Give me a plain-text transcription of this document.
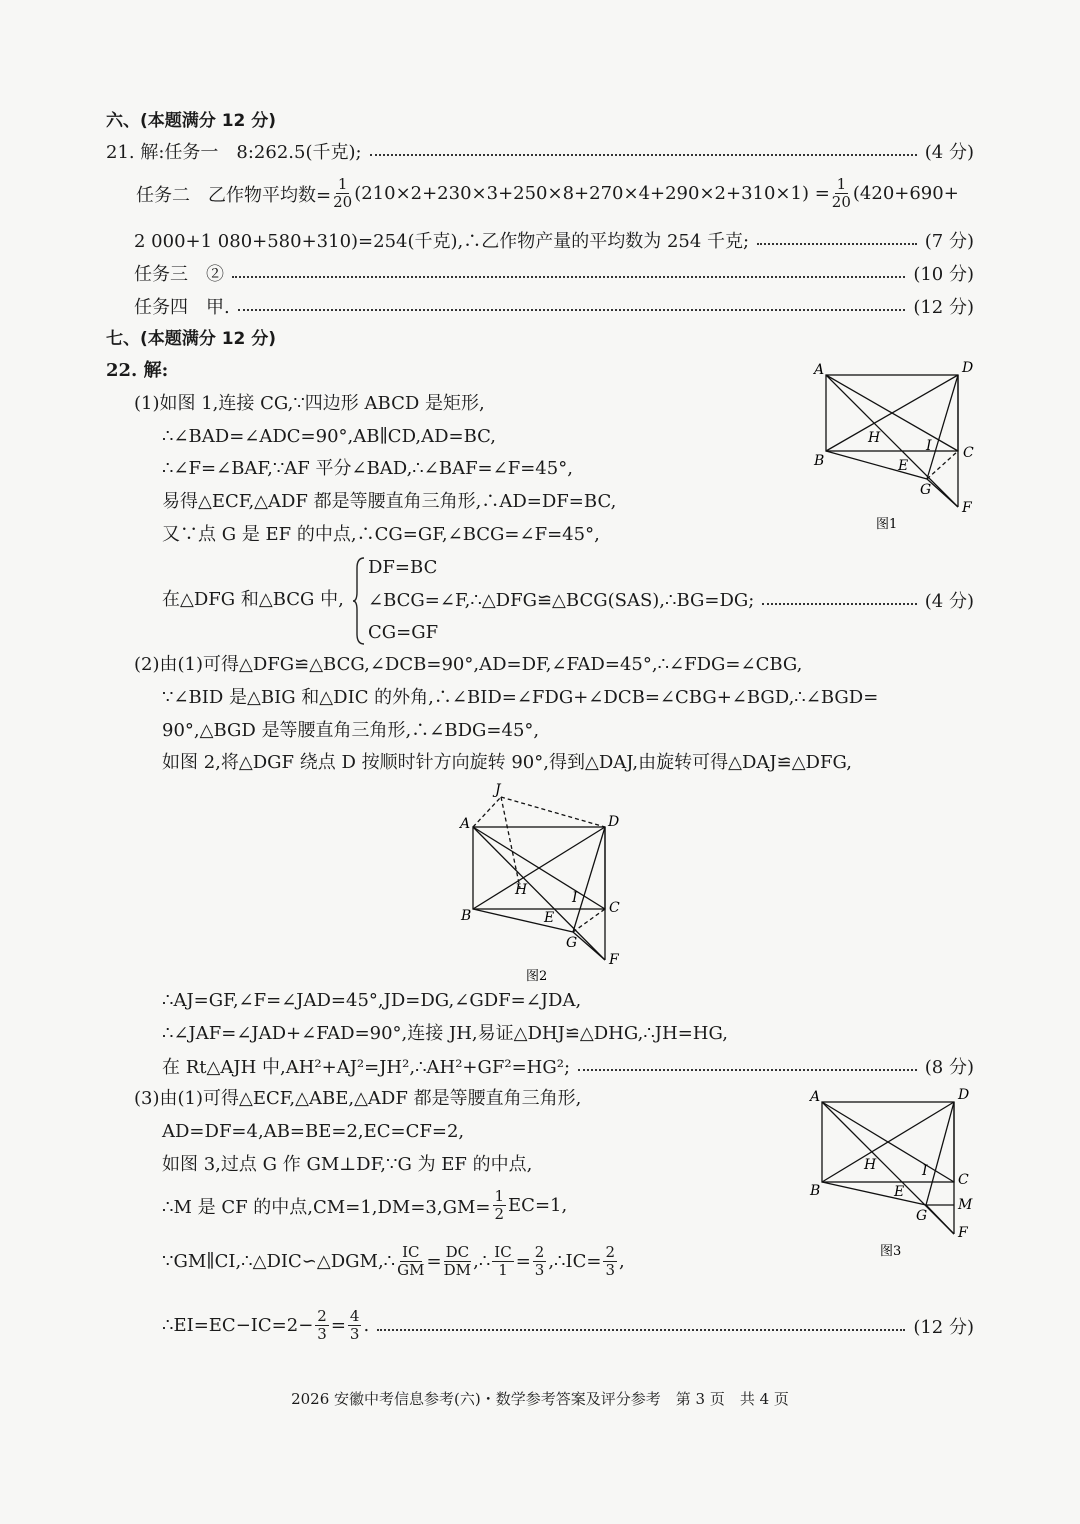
六、(本题满分 12 分)
21. 解:任务一　8:262.5(千克);	(4 分)
任务二　乙作物平均数= $\frac{1}{20} (210\times 2+230\times 3+250\times 8+270\times 4+290\times 2+310\times 1) = \frac{1}{20} (420+690+$
2 000+1 080+580+310)=254(千克),∴乙作物产量的平均数为 254 千克;	(7 分)
任务三　②	(10 分)
任务四　甲.	(12 分)
七、(本题满分 12 分)
22. 解:
(1)如图 1,连接 CG,∵四边形 ABCD 是矩形,
∴∠BAD=∠ADC=90°,AB∥CD,AD=BC,
∴∠F=∠BAF,∵AF 平分∠BAD,∴∠BAF=∠F=45°,
易得△ECF,△ADF 都是等腰直角三角形,∴AD=DF=BC,
又∵点 G 是 EF 的中点,∴CG=GF,∠BCG=∠F=45°,
在△DFG 和△BCG 中,
DF=BC
∠BCG=∠F,∴△DFG≌△BCG(SAS),∴BG=DG;	(4 分)
CG=GF
(2)由(1)可得△DFG≌△BCG,∠DCB=90°,AD=DF,∠FAD=45°,∴∠FDG=∠CBG,
∵∠BID 是△BIG 和△DIC 的外角,∴∠BID=∠FDG+∠DCB=∠CBG+∠BGD,∴∠BGD=
90°,△BGD 是等腰直角三角形,∴∠BDG=45°,
如图 2,将△DGF 绕点 D 按顺时针方向旋转 90°,得到△DAJ,由旋转可得△DAJ≌△DFG,
∴AJ=GF,∠F=∠JAD=45°,JD=DG,∠GDF=∠JDA,
∴∠JAF=∠JAD+∠FAD=90°,连接 JH,易证△DHJ≌△DHG,∴JH=HG,
在 Rt△AJH 中,AH²+AJ²=JH²,∴AH²+GF²=HG²;	(8 分)
(3)由(1)可得△ECF,△ABE,△ADF 都是等腰直角三角形,
AD=DF=4,AB=BE=2,EC=CF=2,
如图 3,过点 G 作 GM⊥DF,∵G 为 EF 的中点,
∴M 是 CF 的中点$,CM=1,DM=3,GM= \frac{1}{2} EC=1$,
∵GM∥CI,∴△DIC∽△DGM,∴ $\frac{IC}{GM} = \frac{DC}{DM}$ ,∴ $\frac{IC}{1} = \frac{2}{3}$ ,∴IC= $\frac{2}{3}$ ,
∴EI=EC−IC=2− $\frac{2}{3} = \frac{4}{3}$ .	(12 分)
A	D
H	I C
B	E
G
F
图1
J
A	D
H	I
C
B	E
G
F
图2
A	D
H	I
C
M
B	E
G
F
图3
2026 安徽中考信息参考(六)・数学参考答案及评分参考　第 3 页　共 4 页
